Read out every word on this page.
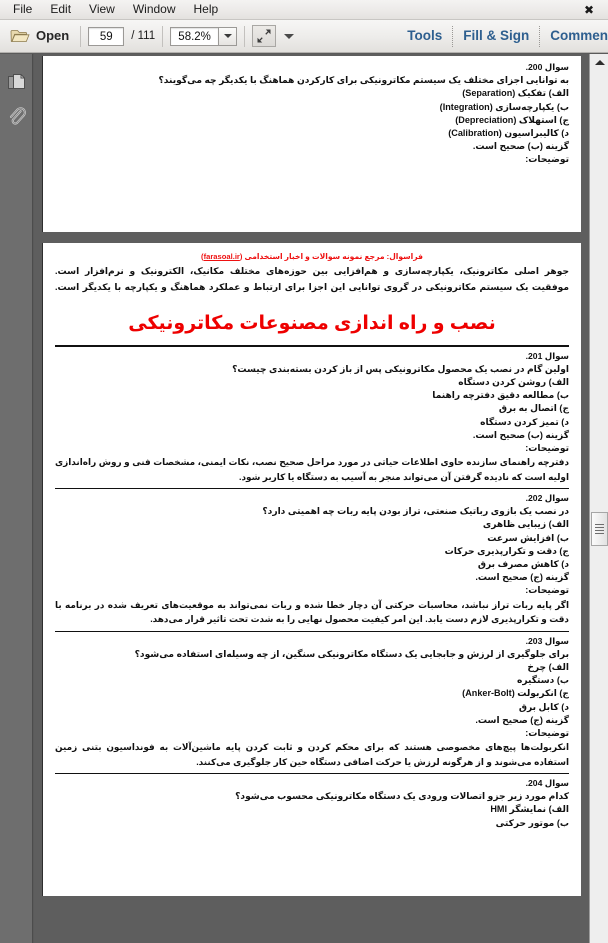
File	Edit	View	Window	Help	✖
Open	59	/ 111	58.2%	Tools Fill & Sign Commen
سوال 200.
به توانایی اجزای مختلف یک سیستم مکاترونیکی برای کارکردن هماهنگ با یکدیگر چه می‌گویند؟
الف) تفکیک (Separation)
ب) یکپارچه‌سازی (Integration)
ج) استهلاک (Depreciation)
د) کالیبراسیون (Calibration)
گزینه (ب) صحیح است.
توضیحات:
فراسوال: مرجع نمونه سوالات و اخبار استخدامی (farasoal.ir)
جوهر اصلی مکاترونیک، یکپارچه‌سازی و هم‌افزایی بین حوزه‌های مختلف مکانیک، الکترونیک و نرم‌افزار است.
موفقیت یک سیستم مکاترونیکی در گروی توانایی این اجزا برای ارتباط و عملکرد هماهنگ و یکپارچه با یکدیگر است.
نصب و راه اندازی مصنوعات مکاترونیکی
سوال 201.
اولین گام در نصب یک محصول مکاترونیکی پس از باز کردن بسته‌بندی چیست؟
الف) روشن کردن دستگاه
ب) مطالعه دقیق دفترچه راهنما
ج) اتصال به برق
د) تمیز کردن دستگاه
گزینه (ب) صحیح است.
توضیحات:
دفترچه راهنمای سازنده حاوی اطلاعات حیاتی در مورد مراحل صحیح نصب، نکات ایمنی، مشخصات فنی و روش راه‌اندازی اولیه است که نادیده گرفتن آن می‌تواند منجر به آسیب به دستگاه یا کاربر شود.
سوال 202.
در نصب یک بازوی رباتیک صنعتی، تراز بودن پایه ربات چه اهمیتی دارد؟
الف) زیبایی ظاهری
ب) افزایش سرعت
ج) دقت و تکرارپذیری حرکات
د) کاهش مصرف برق
گزینه (ج) صحیح است.
توضیحات:
اگر پایه ربات تراز نباشد، محاسبات حرکتی آن دچار خطا شده و ربات نمی‌تواند به موقعیت‌های تعریف شده در برنامه با دقت و تکرارپذیری لازم دست یابد. این امر کیفیت محصول نهایی را به شدت تحت تاثیر قرار می‌دهد.
سوال 203.
برای جلوگیری از لرزش و جابجایی یک دستگاه مکاترونیکی سنگین، از چه وسیله‌ای استفاده می‌شود؟
الف) چرخ
ب) دستگیره
ج) انکربولت (Anker-Bolt)
د) کابل برق
گزینه (ج) صحیح است.
توضیحات:
انکربولت‌ها پیچ‌های مخصوصی هستند که برای محکم کردن و ثابت کردن پایه ماشین‌آلات به فونداسیون بتنی زمین استفاده می‌شوند و از هرگونه لرزش یا حرکت اضافی دستگاه حین کار جلوگیری می‌کنند.
سوال 204.
کدام مورد زیر جزو اتصالات ورودی یک دستگاه مکاترونیکی محسوب می‌شود؟
الف) نمایشگر HMI
ب) موتور حرکتی
